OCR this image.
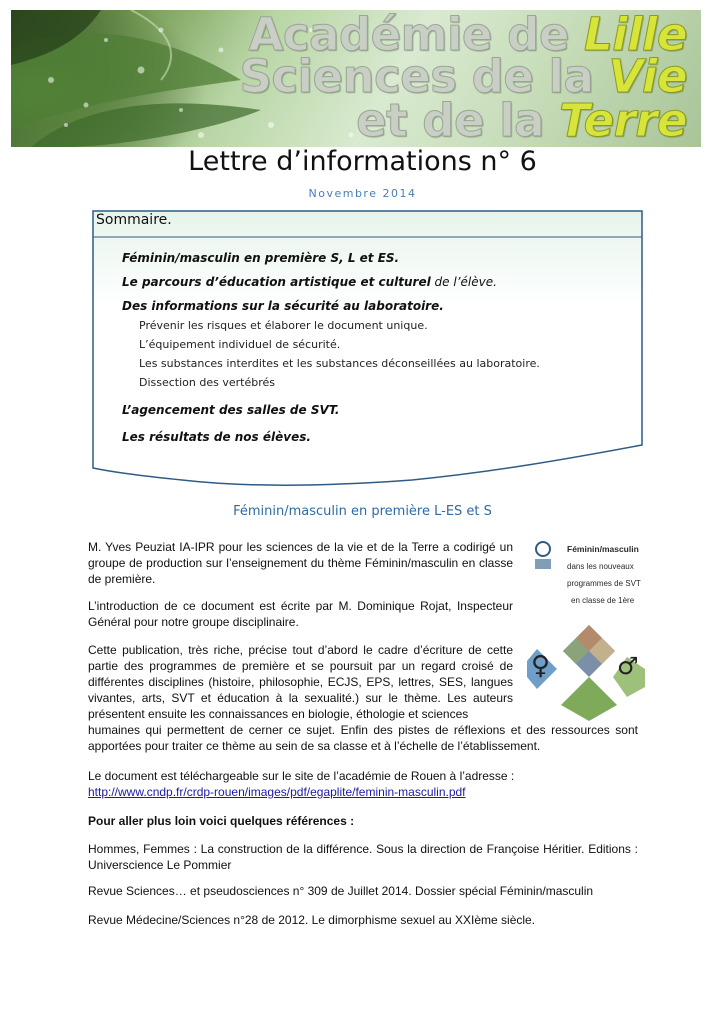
Académie de Lille
Sciences de la Vie
et de la Terre
Lettre d’informations n° 6
Novembre 2014
Sommaire.
Féminin/masculin en première S, L et ES.
Le parcours d’éducation artistique et culturel de l’élève.
Des informations sur la sécurité au laboratoire.
Prévenir les risques et élaborer le document unique.
L’équipement individuel de sécurité.
Les substances interdites et les substances déconseillées au laboratoire.
Dissection des vertébrés
L’agencement des salles de SVT.
Les résultats de nos élèves.
Féminin/masculin en première L-ES et S
M. Yves Peuziat IA-IPR pour les sciences de la vie et de la Terre a codirigé un groupe de production sur l’enseignement du thème Féminin/masculin en classe de première.
L’introduction de ce document est écrite par M. Dominique Rojat, Inspecteur Général pour notre groupe disciplinaire.
Cette publication, très riche, précise tout d’abord le cadre d’écriture de cette partie des programmes de première et se poursuit par un regard croisé de différentes disciplines (histoire, philosophie, ECJS, EPS, lettres, SES, langues vivantes, arts, SVT et éducation à la sexualité.) sur le thème. Les auteurs présentent ensuite les connaissances en biologie, éthologie et sciences
humaines qui permettent de cerner ce sujet. Enfin des pistes de réflexions et des ressources sont apportées pour traiter ce thème au sein de sa classe et à l’échelle de l’établissement.
Le document est téléchargeable sur le site de l’académie de Rouen à l’adresse :
http://www.cndp.fr/crdp-rouen/images/pdf/egaplite/feminin-masculin.pdf
Pour aller plus loin voici quelques références :
Hommes, Femmes : La construction de la différence. Sous la direction de Françoise Héritier. Editions : Universcience Le Pommier
Revue Sciences… et pseudosciences n° 309 de Juillet 2014. Dossier spécial Féminin/masculin
Revue Médecine/Sciences n°28 de 2012. Le dimorphisme sexuel au XXIème siècle.
Féminin/masculin
dans les nouveaux
programmes de SVT
en classe de 1ère
♀	♂
